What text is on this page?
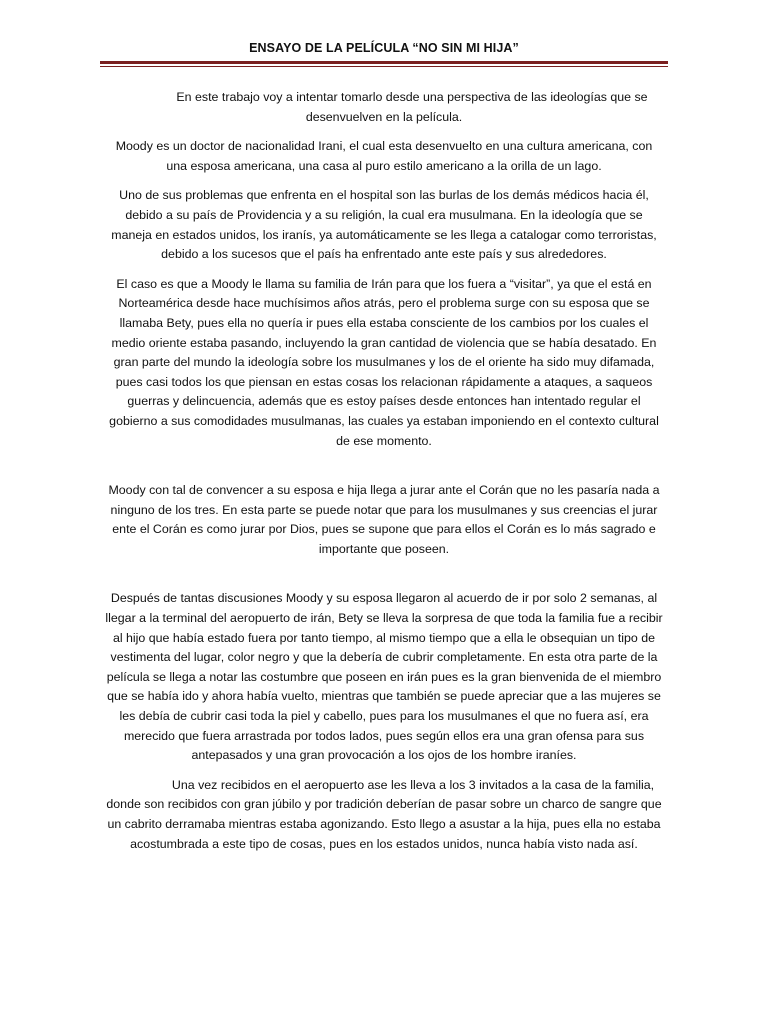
ENSAYO DE LA PELÍCULA “NO SIN MI HIJA”

En este trabajo voy a intentar tomarlo desde una perspectiva de las ideologías que se desenvuelven en la película.

Moody es un doctor de nacionalidad Irani, el cual esta desenvuelto en una cultura americana, con una esposa americana, una casa al puro estilo americano a la orilla de un lago.

Uno de sus problemas que enfrenta en el hospital son las burlas de los demás médicos hacia él, debido a su país de Providencia y a su religión, la cual era musulmana. En la ideología que se maneja en estados unidos, los iranís, ya automáticamente se les llega a catalogar como terroristas, debido a los sucesos que el país ha enfrentado ante este país y sus alrededores.

El caso es que a Moody le llama su familia de Irán para que los fuera a “visitar”, ya que el está en Norteamérica desde hace muchísimos años atrás, pero el problema surge con su esposa que se llamaba Bety, pues ella no quería ir pues ella estaba consciente de los cambios por los cuales el medio oriente estaba pasando, incluyendo la gran cantidad de violencia que se había desatado. En gran parte del mundo la ideología sobre los musulmanes y los de el oriente ha sido muy difamada, pues casi todos los que piensan en estas cosas los relacionan rápidamente a ataques, a saqueos guerras y delincuencia, además que es estoy países desde entonces han intentado regular el gobierno a sus comodidades musulmanas, las cuales ya estaban imponiendo en el contexto cultural de ese momento.

Moody con tal de convencer a su esposa e hija llega a jurar ante el Corán que no les pasaría nada a ninguno de los tres. En esta parte se puede notar que para los musulmanes y sus creencias el jurar ente el Corán es como jurar por Dios, pues se supone que para ellos el Corán es lo más sagrado e importante que poseen.

Después de tantas discusiones Moody y su esposa llegaron al acuerdo de ir por solo 2 semanas, al llegar a la terminal del aeropuerto de irán, Bety se lleva la sorpresa de que toda la familia fue a recibir al hijo que había estado fuera por tanto tiempo, al mismo tiempo que a ella le obsequian un tipo de vestimenta del lugar, color negro y que la debería de cubrir completamente. En esta otra parte de la película se llega a notar las costumbre que poseen en irán pues es la gran bienvenida de el miembro que se había ido y ahora había vuelto, mientras que también se puede apreciar que a las mujeres se les debía de cubrir casi toda la piel y cabello, pues para los musulmanes el que no fuera así, era merecido que fuera arrastrada por todos lados, pues según ellos era una gran ofensa para sus antepasados y una gran provocación a los ojos de los hombre iraníes.

Una vez recibidos en el aeropuerto ase les lleva a los 3 invitados a la casa de la familia, donde son recibidos con gran júbilo y por tradición deberían de pasar sobre un charco de sangre que un cabrito derramaba mientras estaba agonizando. Esto llego a asustar a la hija, pues ella no estaba acostumbrada a este tipo de cosas, pues en los estados unidos, nunca había visto nada así.
